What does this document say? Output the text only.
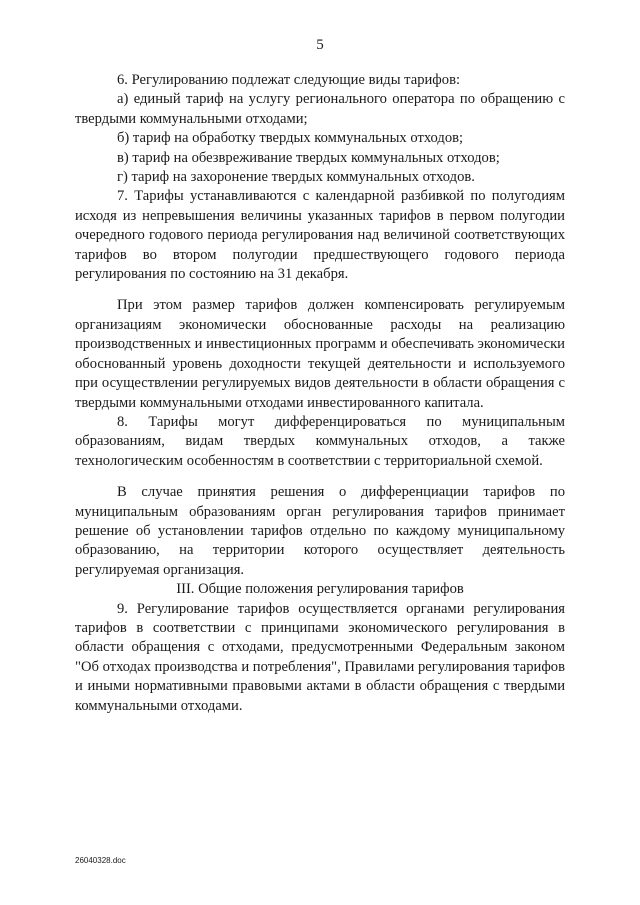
5

6. Регулированию подлежат следующие виды тарифов:

а) единый тариф на услугу регионального оператора по обращению с твердыми коммунальными отходами;

б) тариф на обработку твердых коммунальных отходов;

в) тариф на обезвреживание твердых коммунальных отходов;

г) тариф на захоронение твердых коммунальных отходов.

7. Тарифы устанавливаются с календарной разбивкой по полугодиям исходя из непревышения величины указанных тарифов в первом полугодии очередного годового периода регулирования над величиной соответствующих тарифов во втором полугодии предшествующего годового периода регулирования по состоянию на 31 декабря.

При этом размер тарифов должен компенсировать регулируемым организациям экономически обоснованные расходы на реализацию производственных и инвестиционных программ и обеспечивать экономически обоснованный уровень доходности текущей деятельности и используемого при осуществлении регулируемых видов деятельности в области обращения с твердыми коммунальными отходами инвестированного капитала.

8. Тарифы могут дифференцироваться по муниципальным образованиям, видам твердых коммунальных отходов, а также технологическим особенностям в соответствии с территориальной схемой.

В случае принятия решения о дифференциации тарифов по муниципальным образованиям орган регулирования тарифов принимает решение об установлении тарифов отдельно по каждому муниципальному образованию, на территории которого осуществляет деятельность регулируемая организация.

III. Общие положения регулирования тарифов

9. Регулирование тарифов осуществляется органами регулирования тарифов в соответствии с принципами экономического регулирования в области обращения с отходами, предусмотренными Федеральным законом "Об отходах производства и потребления", Правилами регулирования тарифов и иными нормативными правовыми актами в области обращения с твердыми коммунальными отходами.

26040328.doc
